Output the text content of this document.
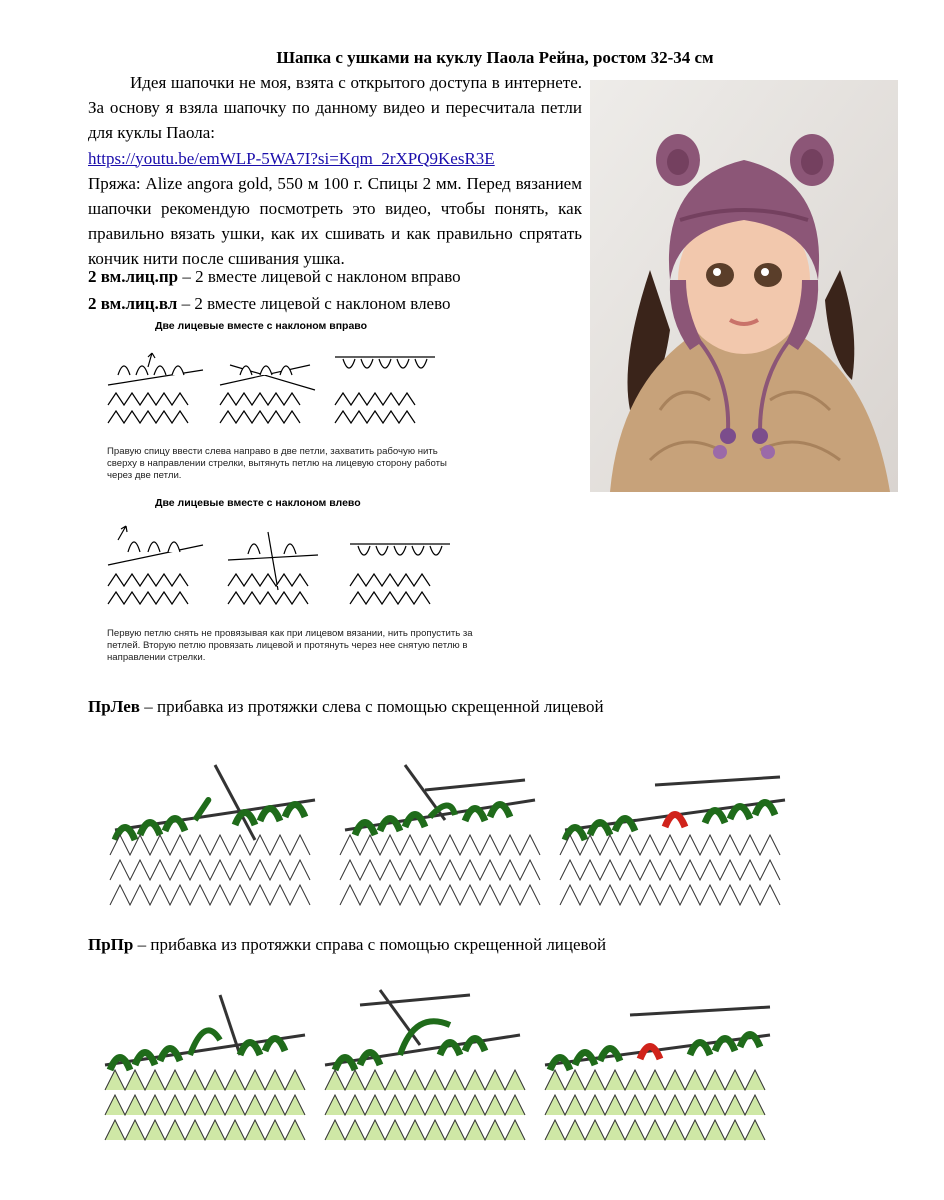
Шапка с ушками на куклу Паола Рейна, ростом 32-34 см
Идея шапочки не моя, взята с открытого доступа в интернете. За основу я взяла шапочку по данному видео и пересчитала петли для куклы Паола:
https://youtu.be/emWLP-5WA7I?si=Kqm_2rXPQ9KesR3E
Пряжа: Alize angora gold, 550 м 100 г. Спицы 2 мм. Перед вязанием шапочки рекомендую посмотреть это видео, чтобы понять, как правильно вязать ушки, как их сшивать и как правильно спрятать кончик нити после сшивания ушка.
2 вм.лиц.пр – 2 вместе лицевой с наклоном вправо
2 вм.лиц.вл – 2 вместе лицевой с наклоном влево
Две лицевые вместе с наклоном вправо
Правую спицу ввести слева направо в две петли, захватить рабочую нить сверху в направлении стрелки, вытянуть петлю на лицевую сторону работы через две петли.
Две лицевые вместе с наклоном влево
Первую петлю снять не провязывая как при лицевом вязании, нить пропустить за петлей. Вторую петлю провязать лицевой и протянуть через нее снятую петлю в направлении стрелки.
ПрЛев – прибавка из протяжки слева с помощью скрещенной лицевой
ПрПр – прибавка из протяжки справа с помощью скрещенной лицевой
